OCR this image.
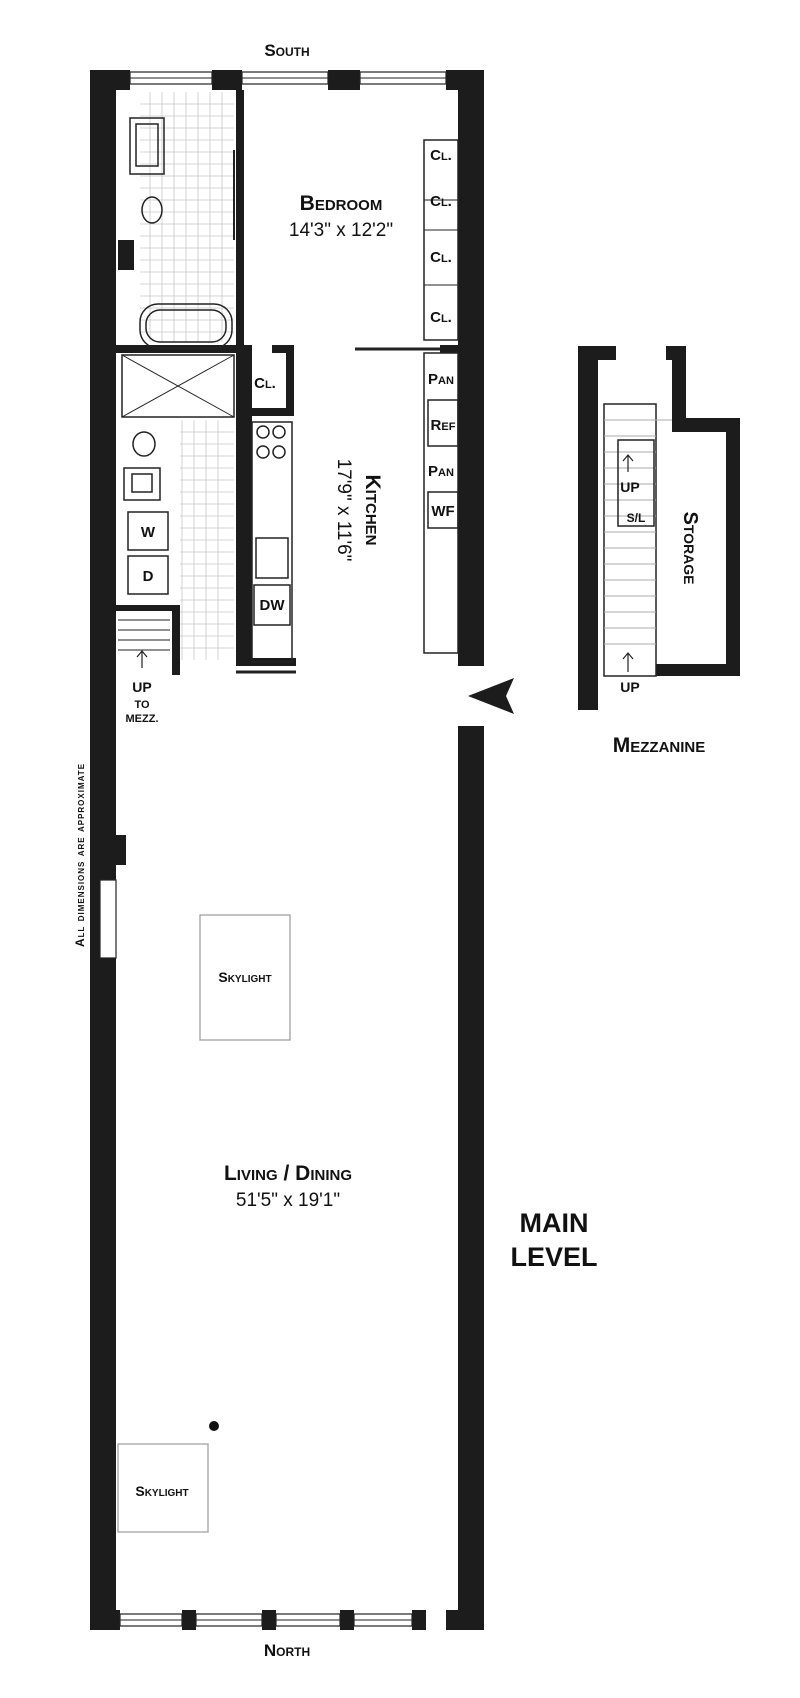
South
North
Bedroom
14'3" x 12'2"
Cl.
Cl.
Cl.
Cl.
Cl.	Pan
Ref
Pan
WF
Kitchen
17'9" x 11'6"
DW
W
D
UP
TO
MEZZ.
Skylight
Skylight
Living / Dining
51'5" x 19'1"
MAIN
LEVEL
UP
S/L
UP
Storage
Mezzanine
All dimensions are approximate
